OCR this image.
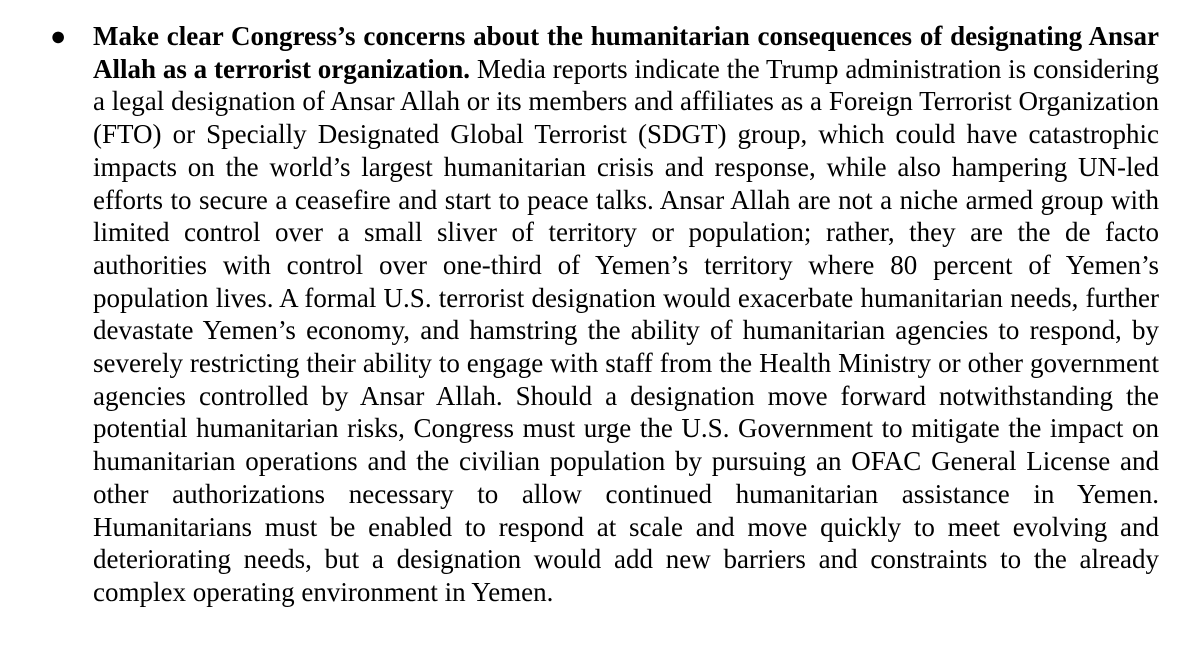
● Make clear Congress’s concerns about the humanitarian consequences of designating Ansar Allah as a terrorist organization. Media reports indicate the Trump administration is considering a legal designation of Ansar Allah or its members and affiliates as a Foreign Terrorist Organization (FTO) or Specially Designated Global Terrorist (SDGT) group, which could have catastrophic impacts on the world’s largest humanitarian crisis and response, while also hampering UN-led efforts to secure a ceasefire and start to peace talks. Ansar Allah are not a niche armed group with limited control over a small sliver of territory or population; rather, they are the de facto authorities with control over one-third of Yemen’s territory where 80 percent of Yemen’s population lives. A formal U.S. terrorist designation would exacerbate humanitarian needs, further devastate Yemen’s economy, and hamstring the ability of humanitarian agencies to respond, by severely restricting their ability to engage with staff from the Health Ministry or other government agencies controlled by Ansar Allah. Should a designation move forward notwithstanding the potential humanitarian risks, Congress must urge the U.S. Government to mitigate the impact on humanitarian operations and the civilian population by pursuing an OFAC General License and other authorizations necessary to allow continued humanitarian assistance in Yemen. Humanitarians must be enabled to respond at scale and move quickly to meet evolving and deteriorating needs, but a designation would add new barriers and constraints to the already complex operating environment in Yemen.
